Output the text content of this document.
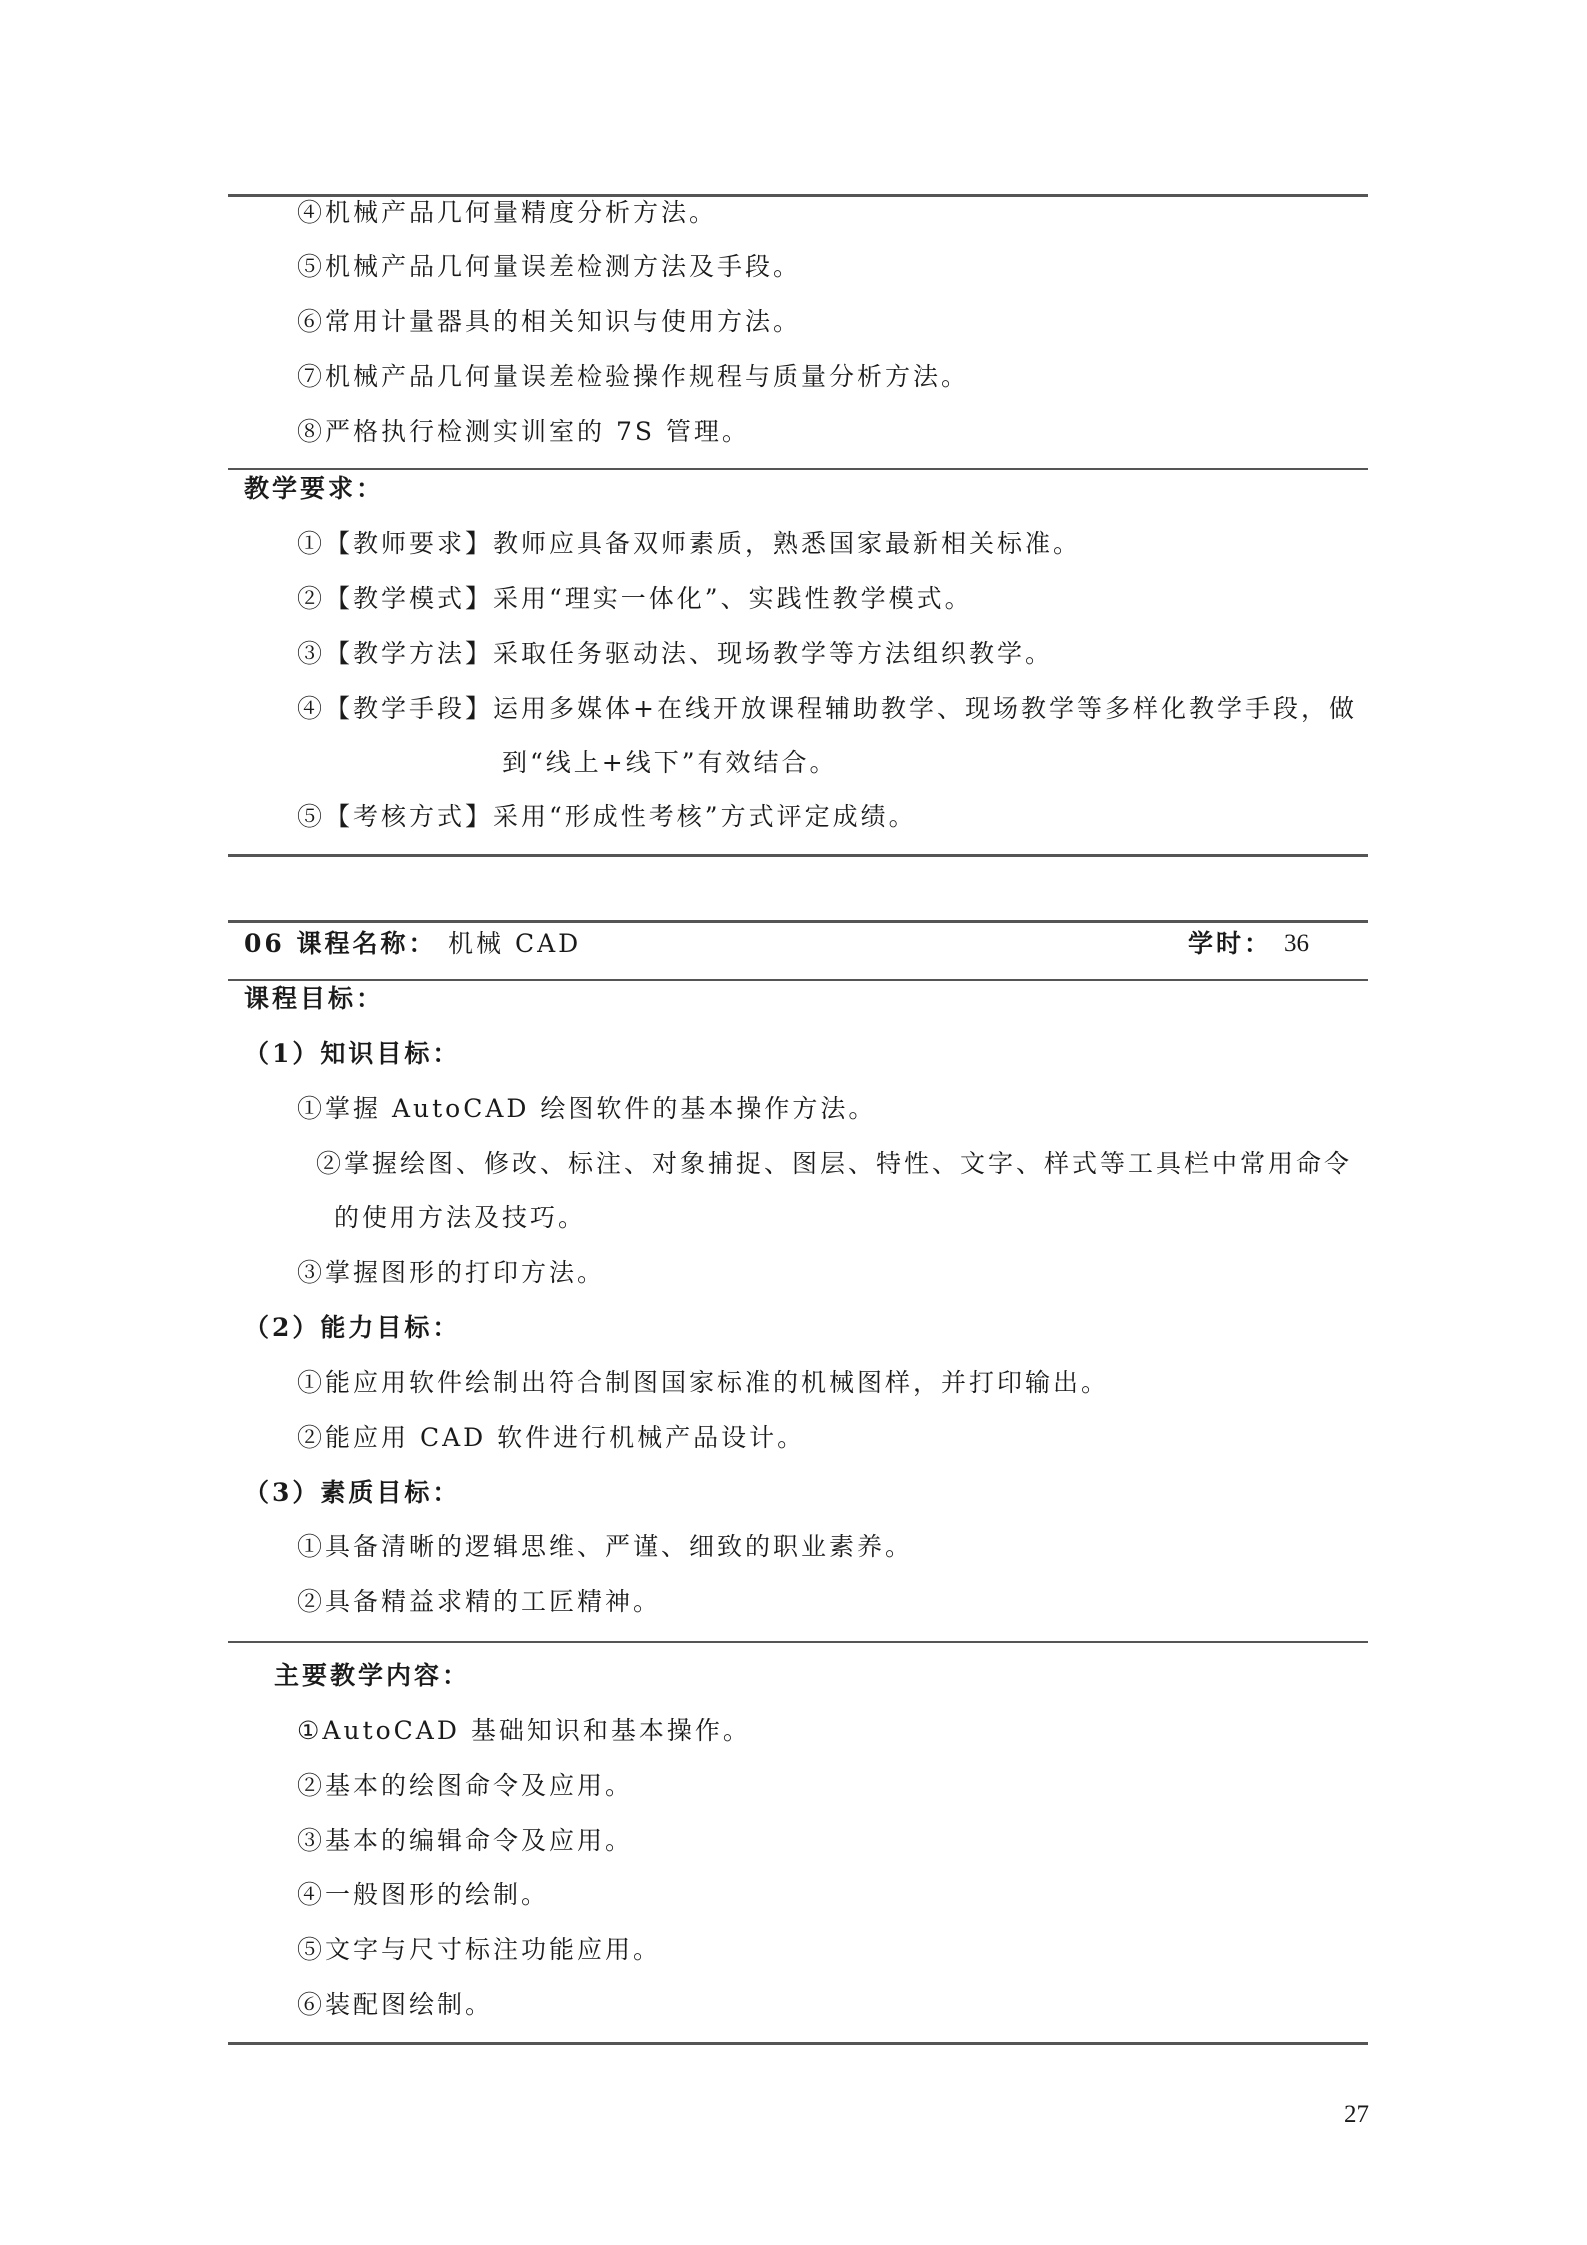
④机械产品几何量精度分析方法。
⑤机械产品几何量误差检测方法及手段。
⑥常用计量器具的相关知识与使用方法。
⑦机械产品几何量误差检验操作规程与质量分析方法。
⑧严格执行检测实训室的 7S 管理。
教学要求：
①【教师要求】教师应具备双师素质，熟悉国家最新相关标准。
②【教学模式】采用“理实一体化”、实践性教学模式。
③【教学方法】采取任务驱动法、现场教学等方法组织教学。
④【教学手段】运用多媒体+在线开放课程辅助教学、现场教学等多样化教学手段，做
到“线上+线下”有效结合。
⑤【考核方式】采用“形成性考核”方式评定成绩。
06 课程名称： 机械 CAD	学时： 36
课程目标：
（1）知识目标：
①掌握 AutoCAD 绘图软件的基本操作方法。
②掌握绘图、修改、标注、对象捕捉、图层、特性、文字、样式等工具栏中常用命令
的使用方法及技巧。
③掌握图形的打印方法。
（2）能力目标：
①能应用软件绘制出符合制图国家标准的机械图样，并打印输出。
②能应用 CAD 软件进行机械产品设计。
（3）素质目标：
①具备清晰的逻辑思维、严谨、细致的职业素养。
②具备精益求精的工匠精神。
主要教学内容：
①AutoCAD 基础知识和基本操作。
②基本的绘图命令及应用。
③基本的编辑命令及应用。
④一般图形的绘制。
⑤文字与尺寸标注功能应用。
⑥装配图绘制。
27
